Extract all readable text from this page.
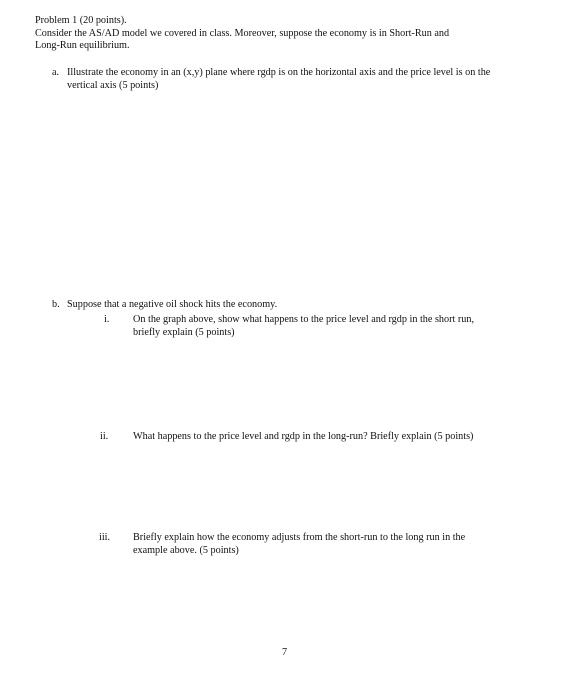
Problem 1 (20 points).
Consider the AS/AD model we covered in class. Moreover, suppose the economy is in Short-Run and
Long-Run equilibrium.
a. Illustrate the economy in an (x,y) plane where rgdp is on the horizontal axis and the price level is on the
vertical axis (5 points)
b. Suppose that a negative oil shock hits the economy.
i. On the graph above, show what happens to the price level and rgdp in the short run,
briefly explain (5 points)
ii. What happens to the price level and rgdp in the long-run? Briefly explain (5 points)
iii. Briefly explain how the economy adjusts from the short-run to the long run in the
example above. (5 points)
7
